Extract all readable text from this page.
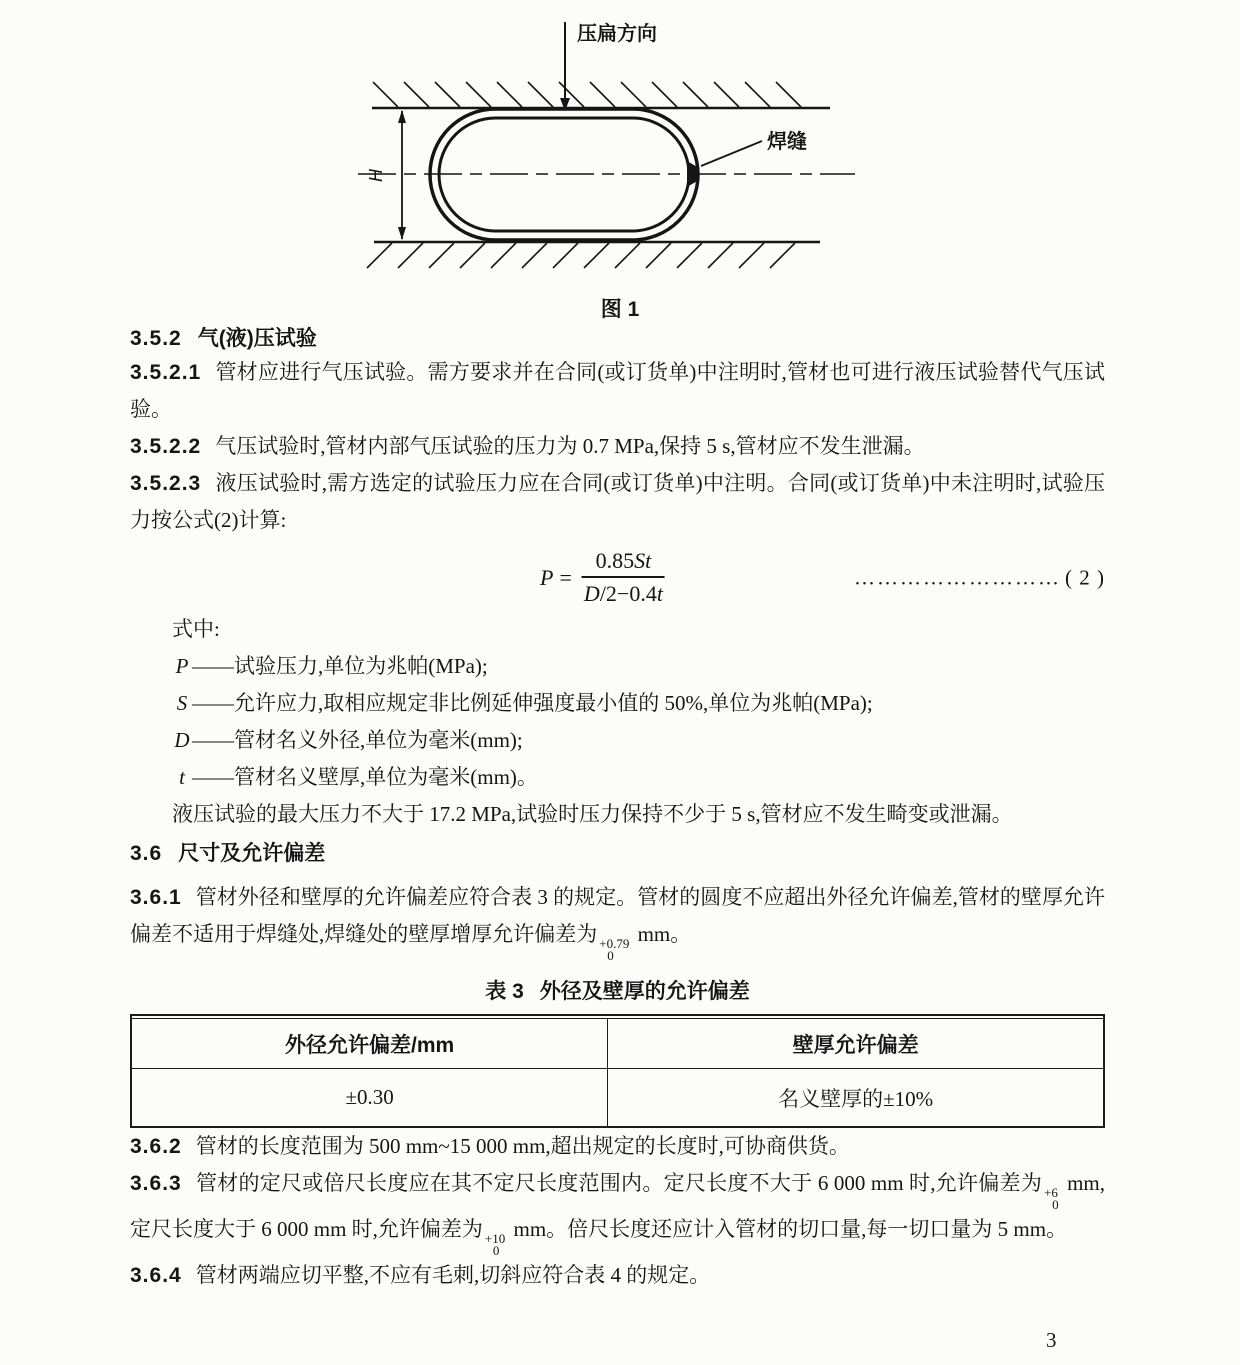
压扁方向
焊缝
H
图 1
3.5.2 气(液)压试验

3.5.2.1 管材应进行气压试验。需方要求并在合同(或订货单)中注明时,管材也可进行液压试验替代气压试验。

3.5.2.2 气压试验时,管材内部气压试验的压力为 0.7 MPa,保持 5 s,管材应不发生泄漏。

3.5.2.3 液压试验时,需方选定的试验压力应在合同(或订货单)中注明。合同(或订货单)中未注明时,试验压力按公式(2)计算:

$P = \frac{0.85St}{D/2-0.4t}$	……………………… ( 2 )

式中:

P ——试验压力,单位为兆帕(MPa);

S ——允许应力,取相应规定非比例延伸强度最小值的 50%,单位为兆帕(MPa);

D ——管材名义外径,单位为毫米(mm);

t ——管材名义壁厚,单位为毫米(mm)。

液压试验的最大压力不大于 17.2 MPa,试验时压力保持不少于 5 s,管材应不发生畸变或泄漏。

3.6 尺寸及允许偏差

3.6.1 管材外径和壁厚的允许偏差应符合表 3 的规定。管材的圆度不应超出外径允许偏差,管材的壁厚允许偏差不适用于焊缝处,焊缝处的壁厚增厚允许偏差为 +0.79
0
mm。

表 3 外径及壁厚的允许偏差
外径允许偏差/mm	壁厚允许偏差
±0.30	名义壁厚的±10%

3.6.2 管材的长度范围为 500 mm~15 000 mm,超出规定的长度时,可协商供货。

3.6.3 管材的定尺或倍尺长度应在其不定尺长度范围内。定尺长度不大于 6 000 mm 时,允许偏差为 +6
0
mm,定尺长度大于 6 000 mm 时,允许偏差为 +10
0
mm。倍尺长度还应计入管材的切口量,每一切口量为 5 mm。

3.6.4 管材两端应切平整,不应有毛刺,切斜应符合表 4 的规定。

3
